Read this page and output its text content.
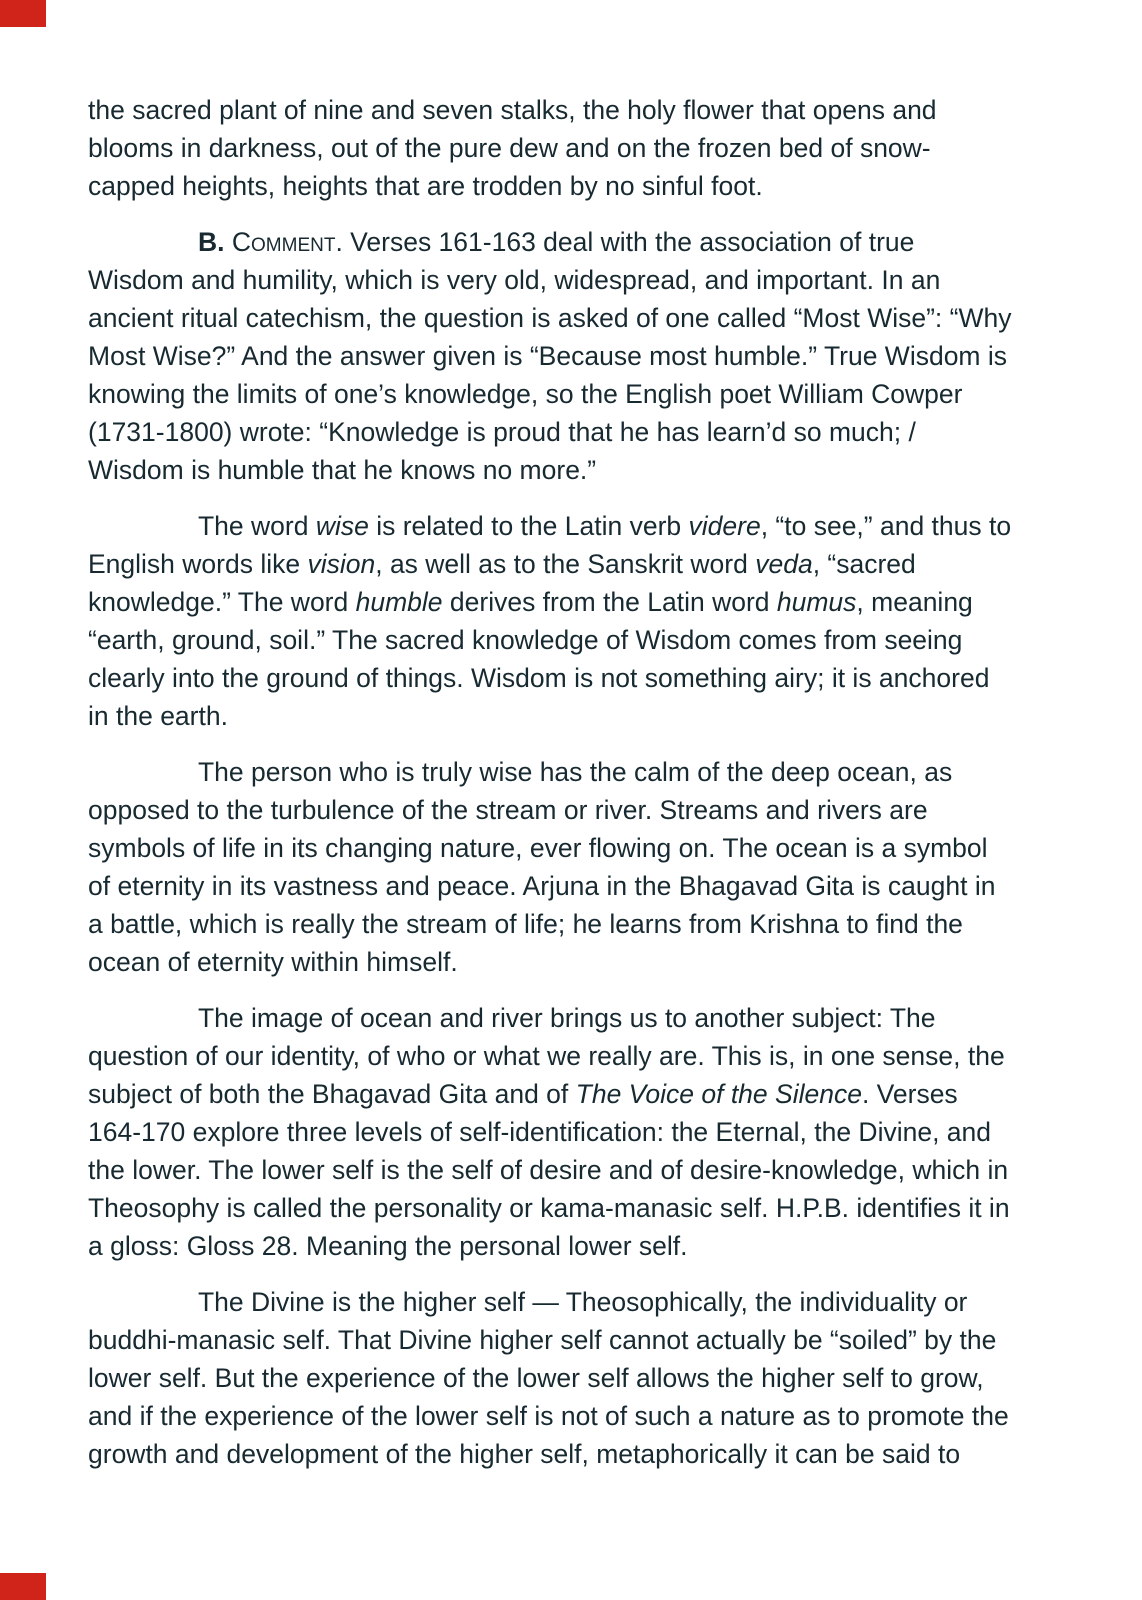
the sacred plant of nine and seven stalks, the holy flower that opens and
blooms in darkness, out of the pure dew and on the frozen bed of snow-
capped heights, heights that are trodden by no sinful foot.

B. Comment. Verses 161-163 deal with the association of true
Wisdom and humility, which is very old, widespread, and important. In an
ancient ritual catechism, the question is asked of one called “Most Wise”: “Why
Most Wise?” And the answer given is “Because most humble.” True Wisdom is
knowing the limits of one’s knowledge, so the English poet William Cowper
(1731-1800) wrote: “Knowledge is proud that he has learn’d so much; /
Wisdom is humble that he knows no more.”

The word wise is related to the Latin verb videre, “to see,” and thus to
English words like vision, as well as to the Sanskrit word veda, “sacred
knowledge.” The word humble derives from the Latin word humus, meaning
“earth, ground, soil.” The sacred knowledge of Wisdom comes from seeing
clearly into the ground of things. Wisdom is not something airy; it is anchored
in the earth.

The person who is truly wise has the calm of the deep ocean, as
opposed to the turbulence of the stream or river. Streams and rivers are
symbols of life in its changing nature, ever flowing on. The ocean is a symbol
of eternity in its vastness and peace. Arjuna in the Bhagavad Gita is caught in
a battle, which is really the stream of life; he learns from Krishna to find the
ocean of eternity within himself.

The image of ocean and river brings us to another subject: The
question of our identity, of who or what we really are. This is, in one sense, the
subject of both the Bhagavad Gita and of The Voice of the Silence. Verses
164-170 explore three levels of self-identification: the Eternal, the Divine, and
the lower. The lower self is the self of desire and of desire-knowledge, which in
Theosophy is called the personality or kama-manasic self. H.P.B. identifies it in
a gloss: Gloss 28. Meaning the personal lower self.

The Divine is the higher self — Theosophically, the individuality or
buddhi-manasic self. That Divine higher self cannot actually be “soiled” by the
lower self. But the experience of the lower self allows the higher self to grow,
and if the experience of the lower self is not of such a nature as to promote the
growth and development of the higher self, metaphorically it can be said to
